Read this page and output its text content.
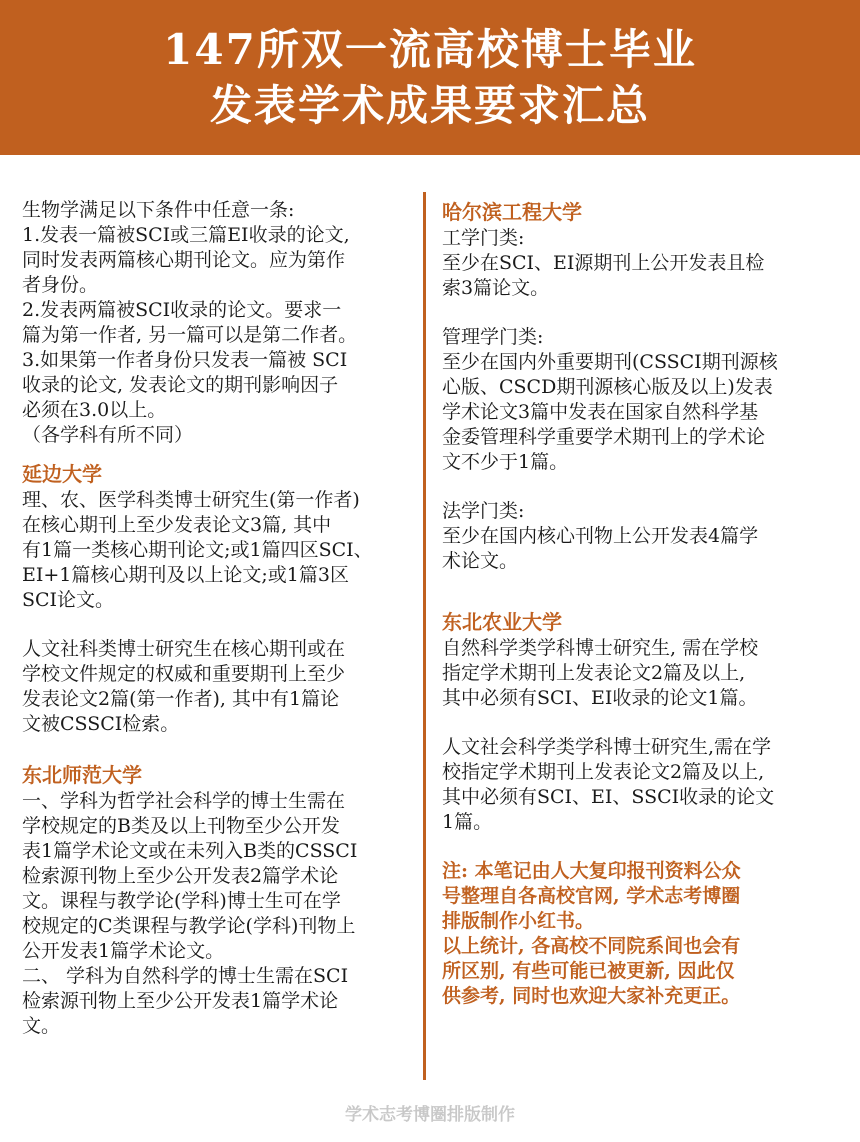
147所双一流高校博士毕业
发表学术成果要求汇总
生物学满足以下条件中任意一条:
1.发表一篇被SCI或三篇EI收录的论文,
同时发表两篇核心期刊论文。应为第作
者身份。
2.发表两篇被SCI收录的论文。要求一
篇为第一作者, 另一篇可以是第二作者。
3.如果第一作者身份只发表一篇被 SCI
收录的论文, 发表论文的期刊影响因子
必须在3.0以上。
（各学科有所不同）
延边大学
理、农、医学科类博士研究生(第一作者)
在核心期刊上至少发表论文3篇, 其中
有1篇一类核心期刊论文;或1篇四区SCI、
EI+1篇核心期刊及以上论文;或1篇3区
SCI论文。
人文社科类博士研究生在核心期刊或在
学校文件规定的权威和重要期刊上至少
发表论文2篇(第一作者), 其中有1篇论
文被CSSCI检索。
东北师范大学
一、学科为哲学社会科学的博士生需在
学校规定的B类及以上刊物至少公开发
表1篇学术论文或在未列入B类的CSSCI
检索源刊物上至少公开发表2篇学术论
文。课程与教学论(学科)博士生可在学
校规定的C类课程与教学论(学科)刊物上
公开发表1篇学术论文。
二、 学科为自然科学的博士生需在SCI
检索源刊物上至少公开发表1篇学术论
文。
哈尔滨工程大学
工学门类:
至少在SCI、EI源期刊上公开发表且检
索3篇论文。
管理学门类:
至少在国内外重要期刊(CSSCI期刊源核
心版、CSCD期刊源核心版及以上)发表
学术论文3篇中发表在国家自然科学基
金委管理科学重要学术期刊上的学术论
文不少于1篇。
法学门类:
至少在国内核心刊物上公开发表4篇学
术论文。
东北农业大学
自然科学类学科博士研究生, 需在学校
指定学术期刊上发表论文2篇及以上,
其中必须有SCI、EI收录的论文1篇。
人文社会科学类学科博士研究生,需在学
校指定学术期刊上发表论文2篇及以上,
其中必须有SCI、EI、SSCI收录的论文
1篇。
注: 本笔记由人大复印报刊资料公众
号整理自各高校官网, 学术志考博圈
排版制作小红书。
以上统计, 各高校不同院系间也会有
所区别, 有些可能已被更新, 因此仅
供参考, 同时也欢迎大家补充更正。
学术志考博圈排版制作
